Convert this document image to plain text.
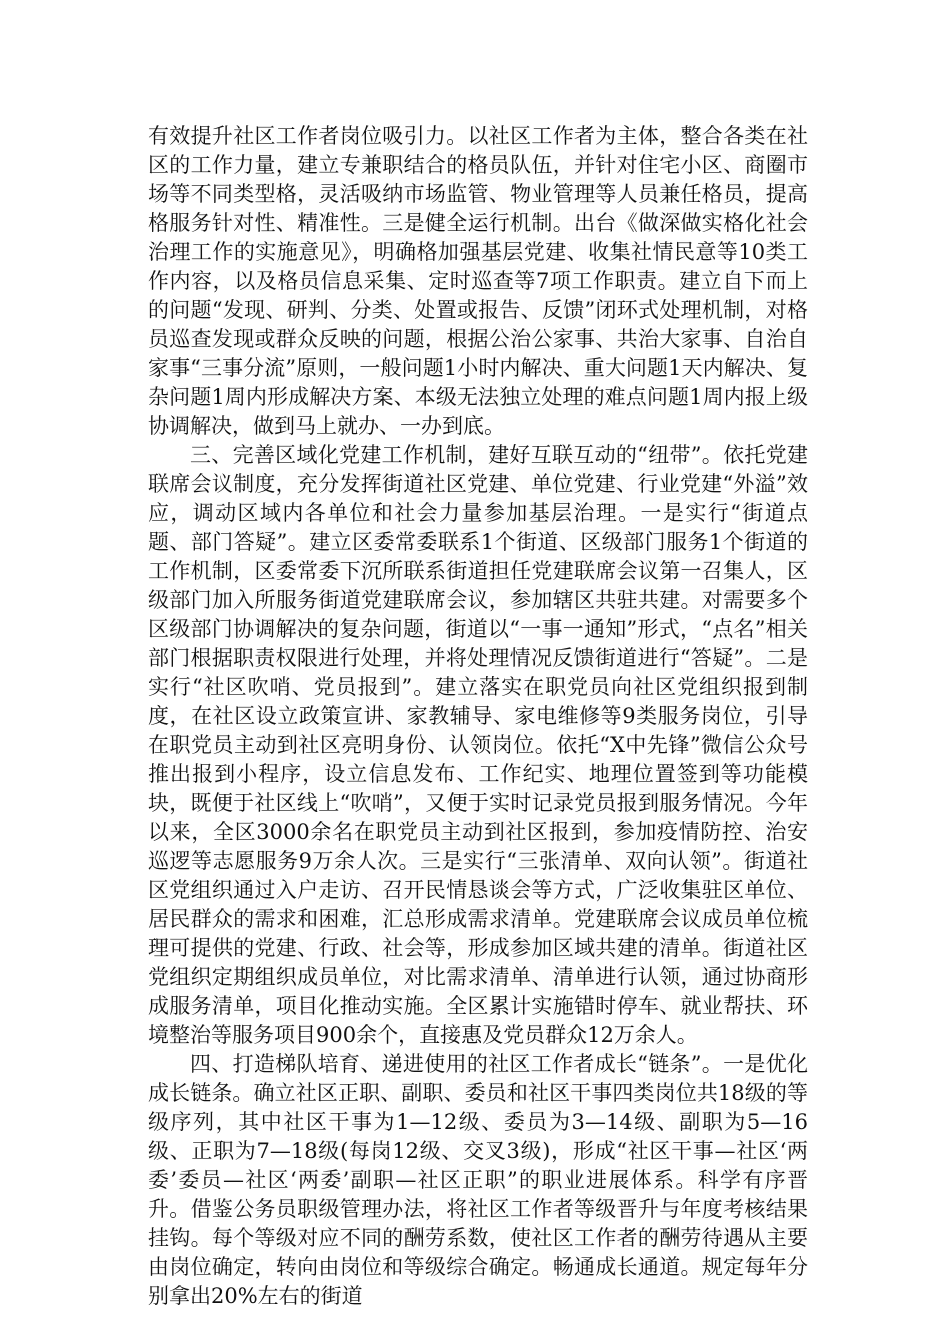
有效提升社区工作者岗位吸引力。以社区工作者为主体，整合各类在社区的工作力量，建立专兼职结合的格员队伍，并针对住宅小区、商圈市场等不同类型格，灵活吸纳市场监管、物业管理等人员兼任格员，提高格服务针对性、精准性。三是健全运行机制。出台《做深做实格化社会治理工作的实施意见》，明确格加强基层党建、收集社情民意等10类工作内容，以及格员信息采集、定时巡查等7项工作职责。建立自下而上的问题“发现、研判、分类、处置或报告、反馈”闭环式处理机制，对格员巡查发现或群众反映的问题，根据公治公家事、共治大家事、自治自家事“三事分流”原则，一般问题1小时内解决、重大问题1天内解决、复杂问题1周内形成解决方案、本级无法独立处理的难点问题1周内报上级协调解决，做到马上就办、一办到底。

三、完善区域化党建工作机制，建好互联互动的“纽带”。依托党建联席会议制度，充分发挥街道社区党建、单位党建、行业党建“外溢”效应，调动区域内各单位和社会力量参加基层治理。一是实行“街道点题、部门答疑”。建立区委常委联系1个街道、区级部门服务1个街道的工作机制，区委常委下沉所联系街道担任党建联席会议第一召集人，区级部门加入所服务街道党建联席会议，参加辖区共驻共建。对需要多个区级部门协调解决的复杂问题，街道以“一事一通知”形式，“点名”相关部门根据职责权限进行处理，并将处理情况反馈街道进行“答疑”。二是实行“社区吹哨、党员报到”。建立落实在职党员向社区党组织报到制度，在社区设立政策宣讲、家教辅导、家电维修等9类服务岗位，引导在职党员主动到社区亮明身份、认领岗位。依托“X中先锋”微信公众号推出报到小程序，设立信息发布、工作纪实、地理位置签到等功能模块，既便于社区线上“吹哨”，又便于实时记录党员报到服务情况。今年以来，全区3000余名在职党员主动到社区报到，参加疫情防控、治安巡逻等志愿服务9万余人次。三是实行“三张清单、双向认领”。街道社区党组织通过入户走访、召开民情恳谈会等方式，广泛收集驻区单位、居民群众的需求和困难，汇总形成需求清单。党建联席会议成员单位梳理可提供的党建、行政、社会等，形成参加区域共建的清单。街道社区党组织定期组织成员单位，对比需求清单、清单进行认领，通过协商形成服务清单，项目化推动实施。全区累计实施错时停车、就业帮扶、环境整治等服务项目900余个，直接惠及党员群众12万余人。

四、打造梯队培育、递进使用的社区工作者成长“链条”。一是优化成长链条。确立社区正职、副职、委员和社区干事四类岗位共18级的等级序列，其中社区干事为1—12级、委员为3—14级、副职为5—16级、正职为7—18级(每岗12级、交叉3级)，形成“社区干事—社区‘两委’委员—社区‘两委’副职—社区正职”的职业进展体系。科学有序晋升。借鉴公务员职级管理办法，将社区工作者等级晋升与年度考核结果挂钩。每个等级对应不同的酬劳系数，使社区工作者的酬劳待遇从主要由岗位确定，转向由岗位和等级综合确定。畅通成长通道。规定每年分别拿出20%左右的街道
